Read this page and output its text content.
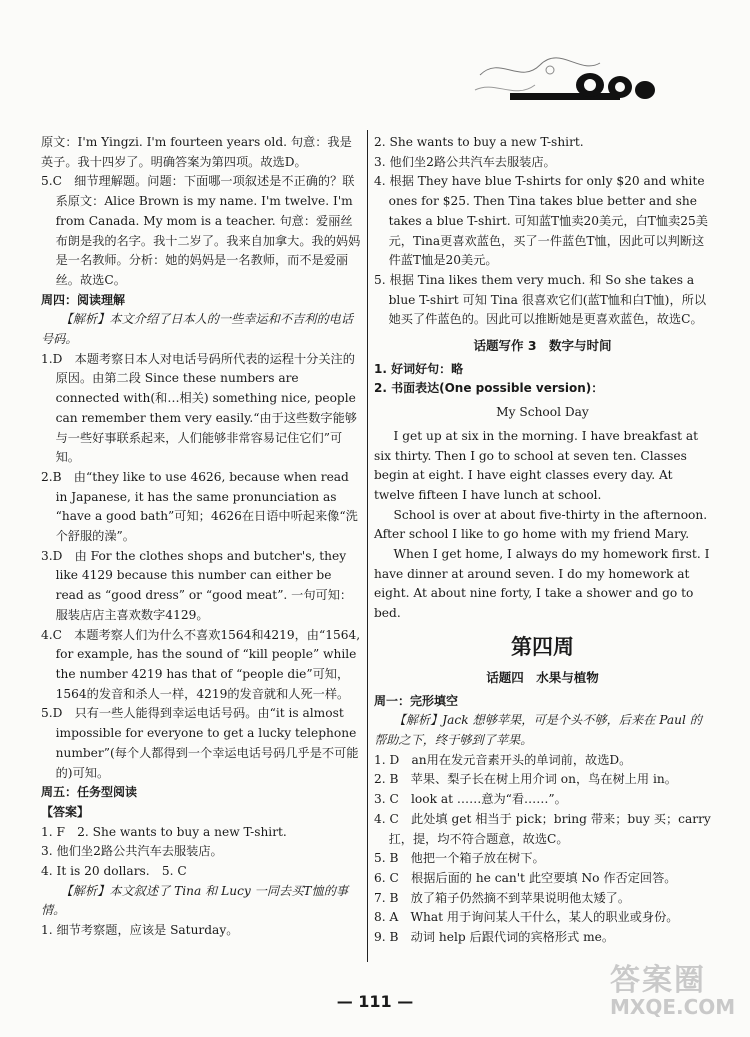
原文：I'm Yingzi. I'm fourteen years old. 句意：我是英子。我十四岁了。明确答案为第四项。故选D。

5.C　细节理解题。问题：下面哪一项叙述是不正确的？联系原文：Alice Brown is my name. I'm twelve. I'm from Canada. My mom is a teacher. 句意：爱丽丝布朗是我的名字。我十二岁了。我来自加拿大。我的妈妈是一名教师。分析：她的妈妈是一名教师，而不是爱丽丝。故选C。

周四：阅读理解

【解析】本文介绍了日本人的一些幸运和不吉利的电话号码。

1.D　本题考察日本人对电话号码所代表的运程十分关注的原因。由第二段 Since these numbers are connected with(和…相关) something nice, people can remember them very easily.“由于这些数字能够与一些好事联系起来，人们能够非常容易记住它们”可知。

2.B　由“they like to use 4626, because when read in Japanese, it has the same pronunciation as “have a good bath”可知；4626在日语中听起来像“洗个舒服的澡”。

3.D　由 For the clothes shops and butcher's, they like 4129 because this number can either be read as “good dress” or “good meat”. 一句可知：服装店店主喜欢数字4129。

4.C　本题考察人们为什么不喜欢1564和4219，由“1564, for example, has the sound of “kill people” while the number 4219 has that of “people die”可知，1564的发音和杀人一样，4219的发音就和人死一样。

5.D　只有一些人能得到幸运电话号码。由“it is almost impossible for everyone to get a lucky telephone number”(每个人都得到一个幸运电话号码几乎是不可能的)可知。

周五：任务型阅读

【答案】

1. F　2. She wants to buy a new T-shirt.

3. 他们坐2路公共汽车去服装店。

4. It is 20 dollars.　5. C

【解析】本文叙述了 Tina 和 Lucy 一同去买T恤的事情。

1. 细节考察题，应该是 Saturday。

2. She wants to buy a new T-shirt.

3. 他们坐2路公共汽车去服装店。

4. 根据 They have blue T-shirts for only $20 and white ones for $25. Then Tina takes blue better and she takes a blue T-shirt. 可知蓝T恤卖20美元，白T恤卖25美元，Tina更喜欢蓝色，买了一件蓝色T恤，因此可以判断这件蓝T恤是20美元。

5. 根据 Tina likes them very much. 和 So she takes a blue T-shirt 可知 Tina 很喜欢它们(蓝T恤和白T恤)，所以她买了件蓝色的。因此可以推断她是更喜欢蓝色，故选C。

话题写作 3　数字与时间

1. 好词好句：略

2. 书面表达(One possible version)：

My School Day

I get up at six in the morning. I have breakfast at six thirty. Then I go to school at seven ten. Classes begin at eight. I have eight classes every day. At twelve fifteen I have lunch at school.

School is over at about five-thirty in the afternoon. After school I like to go home with my friend Mary.

When I get home, I always do my homework first. I have dinner at around seven. I do my homework at eight. At about nine forty, I take a shower and go to bed.

第四周

话题四　水果与植物

周一：完形填空

【解析】Jack 想够苹果，可是个头不够，后来在 Paul 的帮助之下，终于够到了苹果。

1. D　an用在发元音素开头的单词前，故选D。

2. B　苹果、梨子长在树上用介词 on，鸟在树上用 in。

3. C　look at ……意为“看……”。

4. C　此处填 get 相当于 pick；bring 带来；buy 买；carry 扛，提，均不符合题意，故选C。

5. B　他把一个箱子放在树下。

6. C　根据后面的 he can't 此空要填 No 作否定回答。

7. B　放了箱子仍然摘不到苹果说明他太矮了。

8. A　What 用于询问某人干什么，某人的职业或身份。

9. B　动词 help 后跟代词的宾格形式 me。

— 111 —
答案圈
MXQE.COM
